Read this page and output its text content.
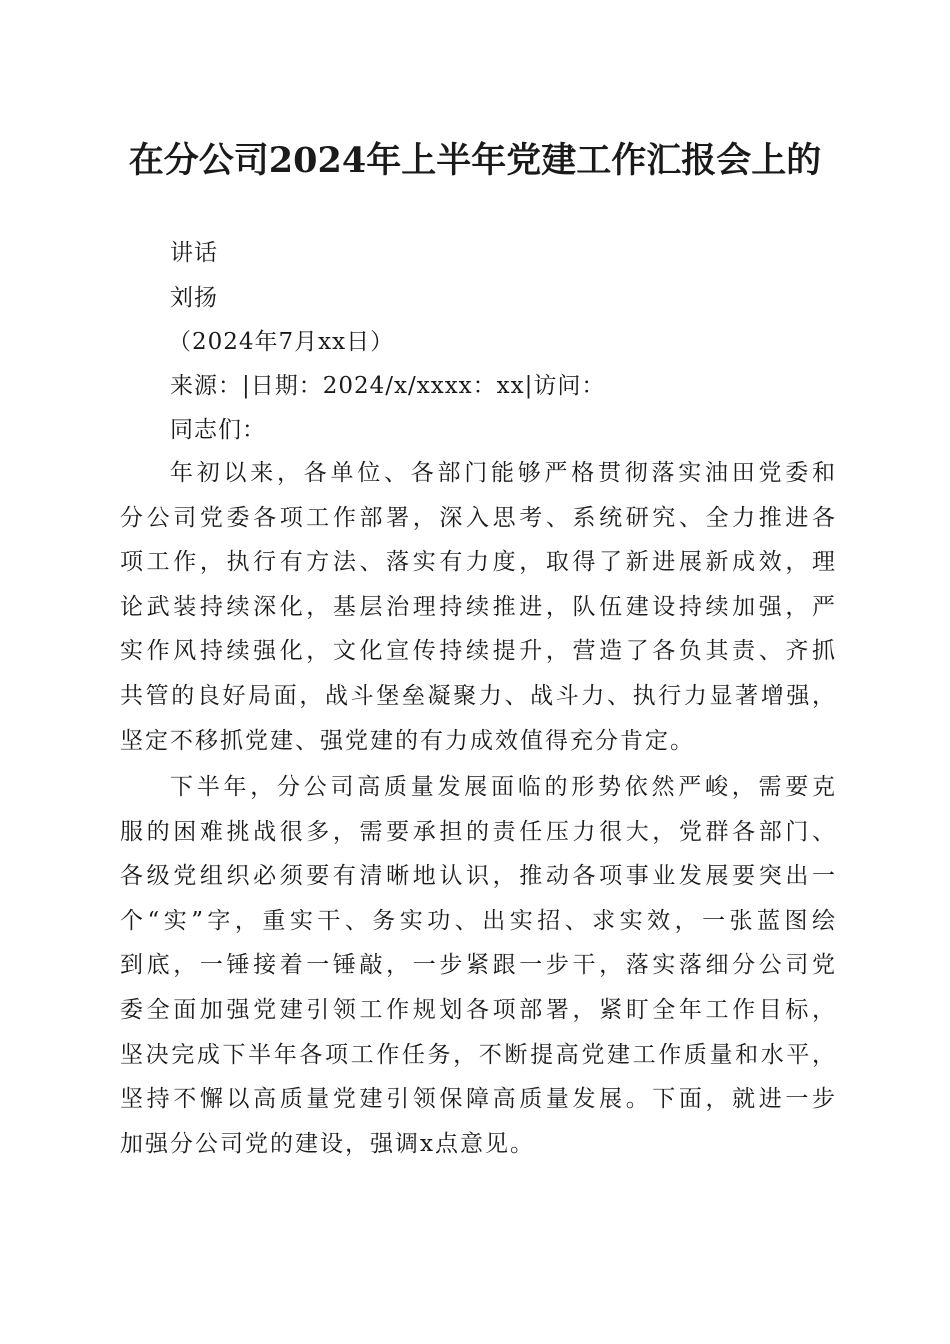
在分公司2024年上半年党建工作汇报会上的
讲话
刘扬
（2024年7月xx日）
来源：|日期：2024/x/xxxx：xx|访问：
同志们：
年初以来，各单位、各部门能够严格贯彻落实油田党委和
分公司党委各项工作部署，深入思考、系统研究、全力推进各
项工作，执行有方法、落实有力度，取得了新进展新成效，理
论武装持续深化，基层治理持续推进，队伍建设持续加强，严
实作风持续强化，文化宣传持续提升，营造了各负其责、齐抓
共管的良好局面，战斗堡垒凝聚力、战斗力、执行力显著增强，
坚定不移抓党建、强党建的有力成效值得充分肯定。
下半年，分公司高质量发展面临的形势依然严峻，需要克
服的困难挑战很多，需要承担的责任压力很大，党群各部门、
各级党组织必须要有清晰地认识，推动各项事业发展要突出一
个“实”字，重实干、务实功、出实招、求实效，一张蓝图绘
到底，一锤接着一锤敲，一步紧跟一步干，落实落细分公司党
委全面加强党建引领工作规划各项部署，紧盯全年工作目标，
坚决完成下半年各项工作任务，不断提高党建工作质量和水平，
坚持不懈以高质量党建引领保障高质量发展。下面，就进一步
加强分公司党的建设，强调x点意见。
